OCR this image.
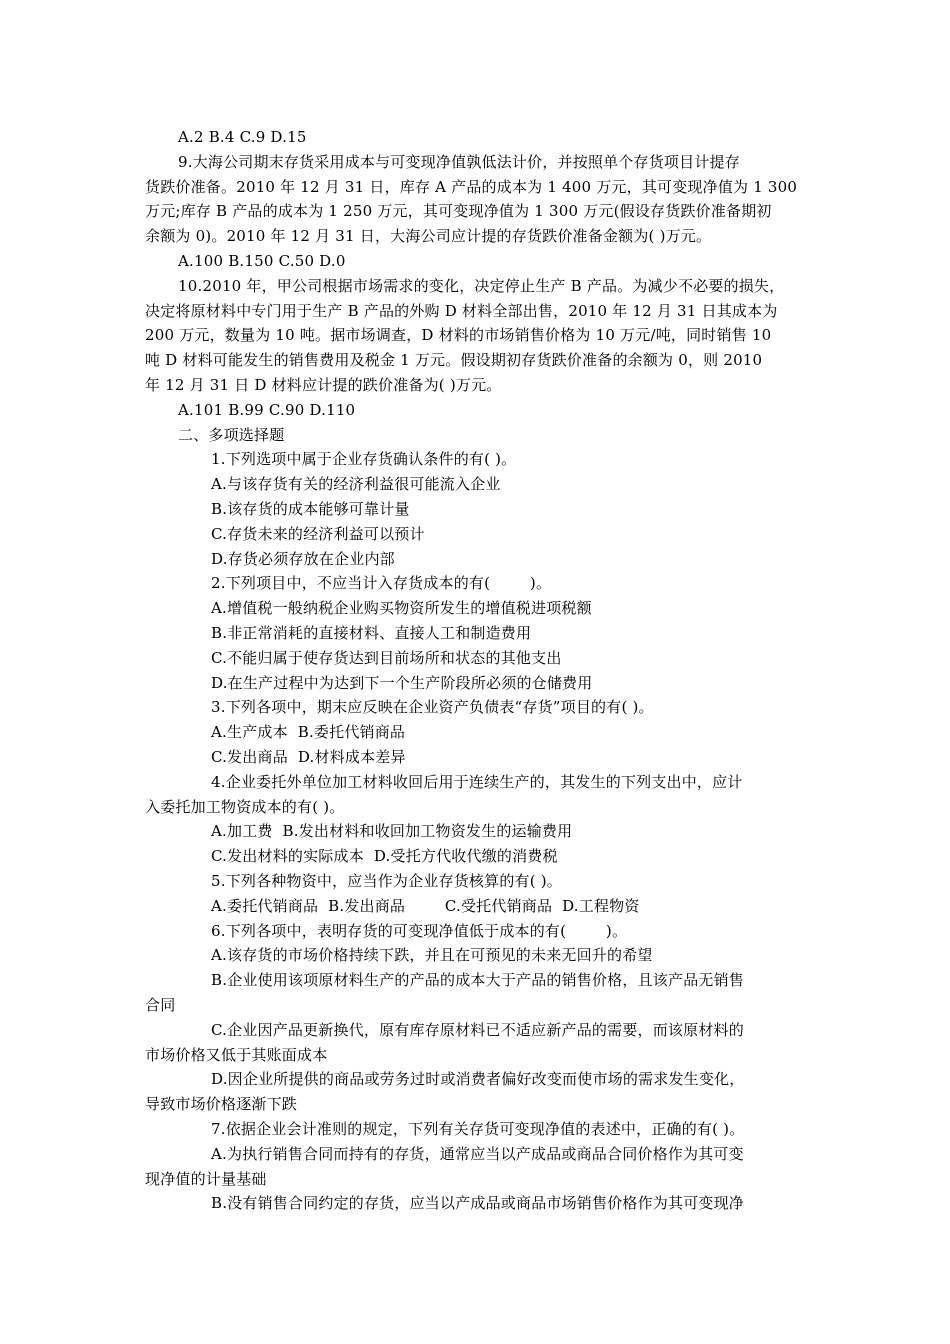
A.2 B.4 C.9 D.15
9.大海公司期末存货采用成本与可变现净值孰低法计价，并按照单个存货项目计提存
货跌价准备。2010 年 12 月 31 日，库存 A 产品的成本为 1 400 万元，其可变现净值为 1 300
万元;库存 B 产品的成本为 1 250 万元，其可变现净值为 1 300 万元(假设存货跌价准备期初
余额为 0)。2010 年 12 月 31 日，大海公司应计提的存货跌价准备金额为( )万元。
A.100 B.150 C.50 D.0
10.2010 年，甲公司根据市场需求的变化，决定停止生产 B 产品。为减少不必要的损失，
决定将原材料中专门用于生产 B 产品的外购 D 材料全部出售，2010 年 12 月 31 日其成本为
200 万元，数量为 10 吨。据市场调查，D 材料的市场销售价格为 10 万元/吨，同时销售 10
吨 D 材料可能发生的销售费用及税金 1 万元。假设期初存货跌价准备的余额为 0，则 2010
年 12 月 31 日 D 材料应计提的跌价准备为( )万元。
A.101 B.99 C.90 D.110
二、多项选择题
1.下列选项中属于企业存货确认条件的有( )。
A.与该存货有关的经济利益很可能流入企业
B.该存货的成本能够可靠计量
C.存货未来的经济利益可以预计
D.存货必须存放在企业内部
2.下列项目中，不应当计入存货成本的有(        )。
A.增值税一般纳税企业购买物资所发生的增值税进项税额
B.非正常消耗的直接材料、直接人工和制造费用
C.不能归属于使存货达到目前场所和状态的其他支出
D.在生产过程中为达到下一个生产阶段所必须的仓储费用
3.下列各项中，期末应反映在企业资产负债表“存货”项目的有( )。
A.生产成本  B.委托代销商品
C.发出商品  D.材料成本差异
4.企业委托外单位加工材料收回后用于连续生产的，其发生的下列支出中，应计
入委托加工物资成本的有( )。
A.加工费  B.发出材料和收回加工物资发生的运输费用
C.发出材料的实际成本  D.受托方代收代缴的消费税
5.下列各种物资中，应当作为企业存货核算的有( )。
A.委托代销商品  B.发出商品        C.受托代销商品  D.工程物资
6.下列各项中，表明存货的可变现净值低于成本的有(        )。
A.该存货的市场价格持续下跌，并且在可预见的未来无回升的希望
B.企业使用该项原材料生产的产品的成本大于产品的销售价格，且该产品无销售
合同
C.企业因产品更新换代，原有库存原材料已不适应新产品的需要，而该原材料的
市场价格又低于其账面成本
D.因企业所提供的商品或劳务过时或消费者偏好改变而使市场的需求发生变化，
导致市场价格逐渐下跌
7.依据企业会计准则的规定，下列有关存货可变现净值的表述中，正确的有( )。
A.为执行销售合同而持有的存货，通常应当以产成品或商品合同价格作为其可变
现净值的计量基础
B.没有销售合同约定的存货，应当以产成品或商品市场销售价格作为其可变现净
